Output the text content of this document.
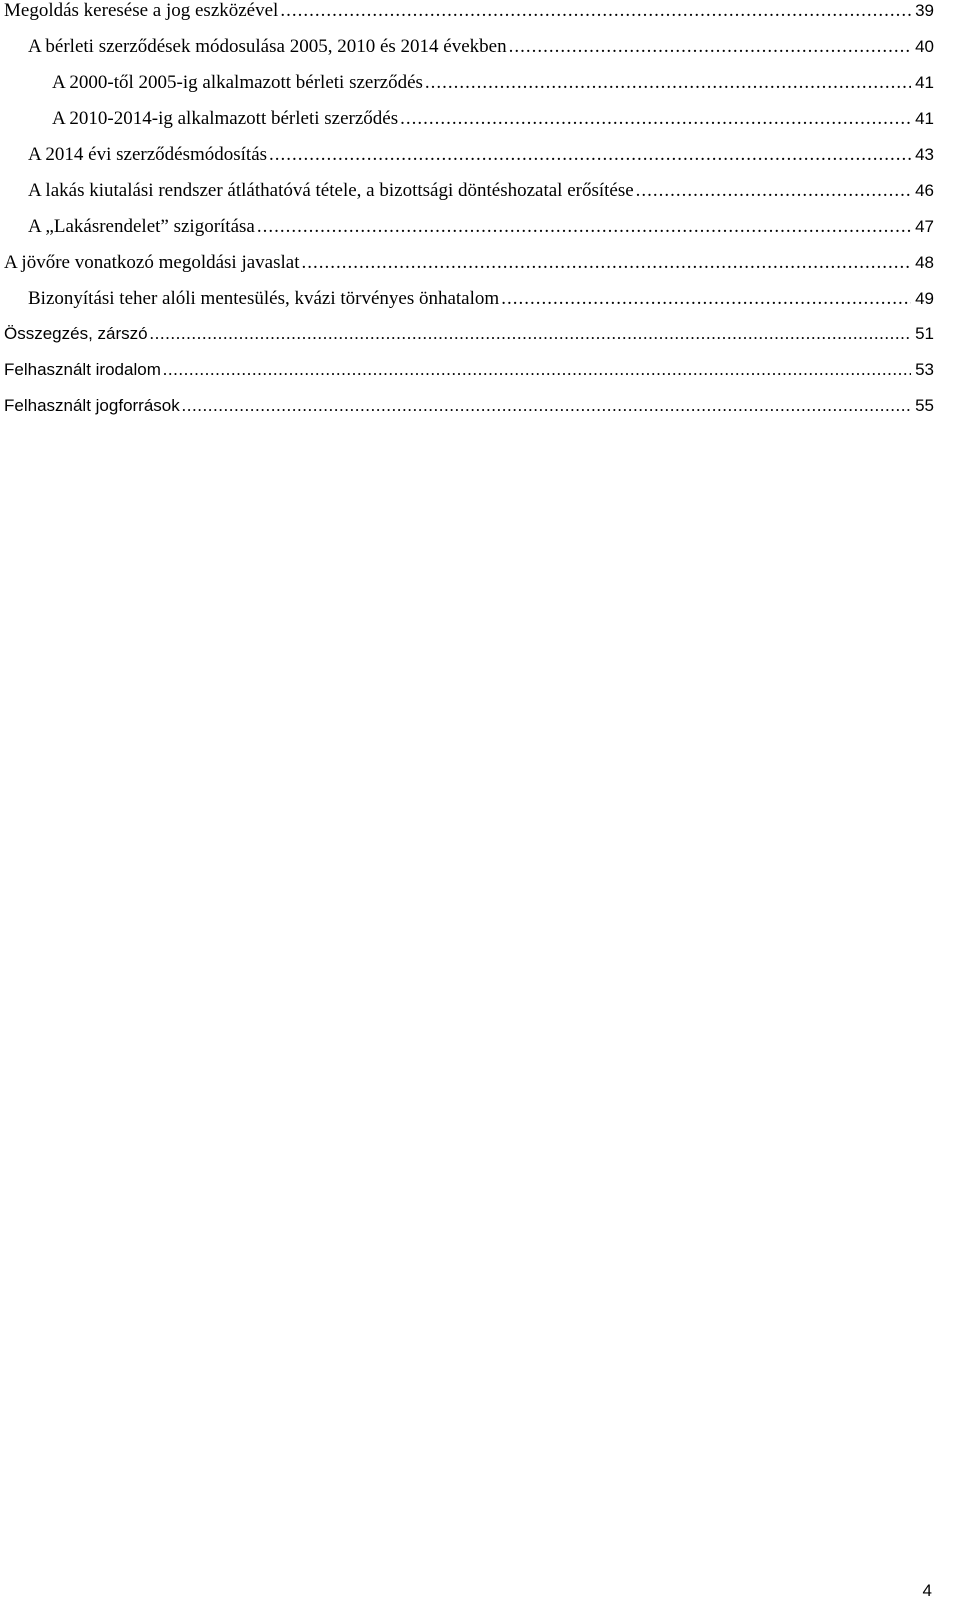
Megoldás keresése a jog eszközével .....	39
A bérleti szerződések módosulása 2005, 2010 és 2014 években .....	40
A 2000-től 2005-ig alkalmazott bérleti szerződés .....	41
A 2010-2014-ig alkalmazott bérleti szerződés .....	41
A 2014 évi szerződésmódosítás .....	43
A lakás kiutalási rendszer átláthatóvá tétele, a bizottsági döntéshozatal erősítése .....	46
A „Lakásrendelet” szigorítása .....	47
A jövőre vonatkozó megoldási javaslat .....	48
Bizonyítási teher alóli mentesülés, kvázi törvényes önhatalom .....	49
Összegzés, zárszó .....	51
Felhasznált irodalom .....	53
Felhasznált jogforrások .....	55
4
